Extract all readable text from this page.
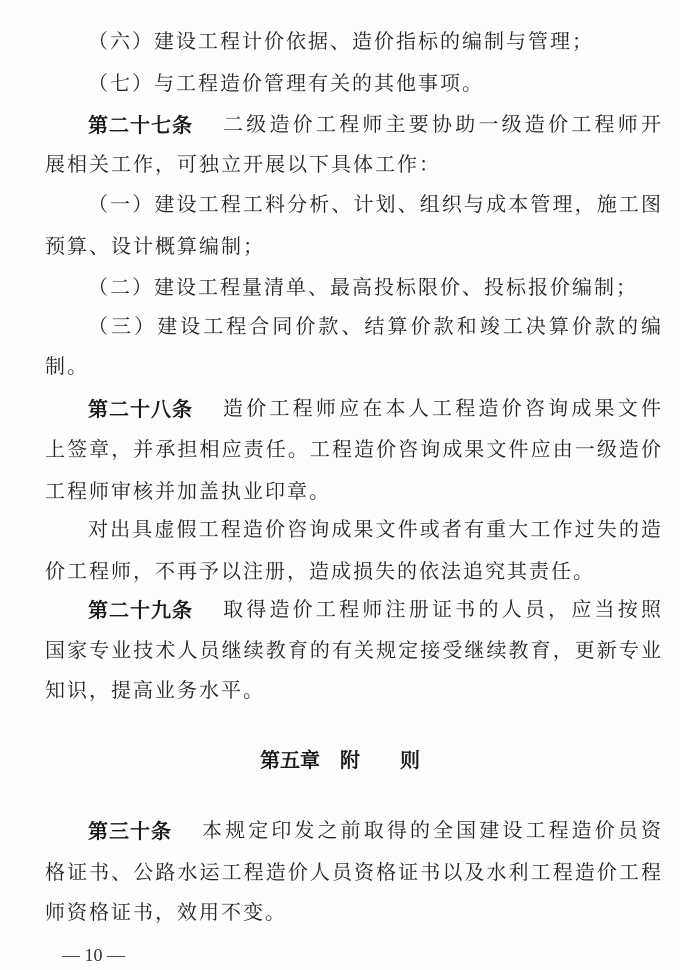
（六）建设工程计价依据、造价指标的编制与管理；
（七）与工程造价管理有关的其他事项。
第二十七条 二级造价工程师主要协助一级造价工程师开
展相关工作，可独立开展以下具体工作：
（一）建设工程工料分析、计划、组织与成本管理，施工图
预算、设计概算编制；
（二）建设工程量清单、最高投标限价、投标报价编制；
（三）建设工程合同价款、结算价款和竣工决算价款的编
制。
第二十八条 造价工程师应在本人工程造价咨询成果文件
上签章，并承担相应责任。工程造价咨询成果文件应由一级造价
工程师审核并加盖执业印章。
对出具虚假工程造价咨询成果文件或者有重大工作过失的造
价工程师，不再予以注册，造成损失的依法追究其责任。
第二十九条 取得造价工程师注册证书的人员，应当按照
国家专业技术人员继续教育的有关规定接受继续教育，更新专业
知识，提高业务水平。
第五章　附　　则
第三十条 本规定印发之前取得的全国建设工程造价员资
格证书、公路水运工程造价人员资格证书以及水利工程造价工程
师资格证书，效用不变。
— 10 —
